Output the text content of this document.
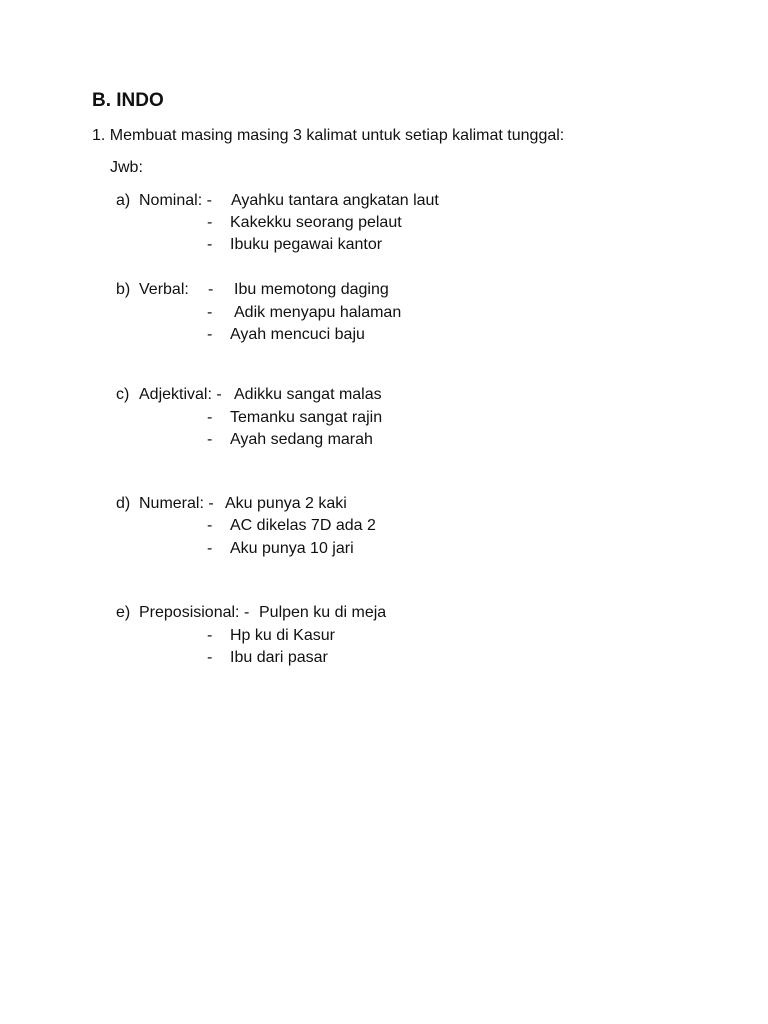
B. INDO
1. Membuat masing masing 3 kalimat untuk setiap kalimat tunggal:
Jwb:
a) Nominal: - Ayahku tantara angkatan laut
- Kakekku seorang pelaut
- Ibuku pegawai kantor
b) Verbal: - Ibu memotong daging
- Adik menyapu halaman
- Ayah mencuci baju
c) Adjektival: - Adikku sangat malas
- Temanku sangat rajin
- Ayah sedang marah
d) Numeral: - Aku punya 2 kaki
- AC dikelas 7D ada 2
- Aku punya 10 jari
e) Preposisional: - Pulpen ku di meja
- Hp ku di Kasur
- Ibu dari pasar
